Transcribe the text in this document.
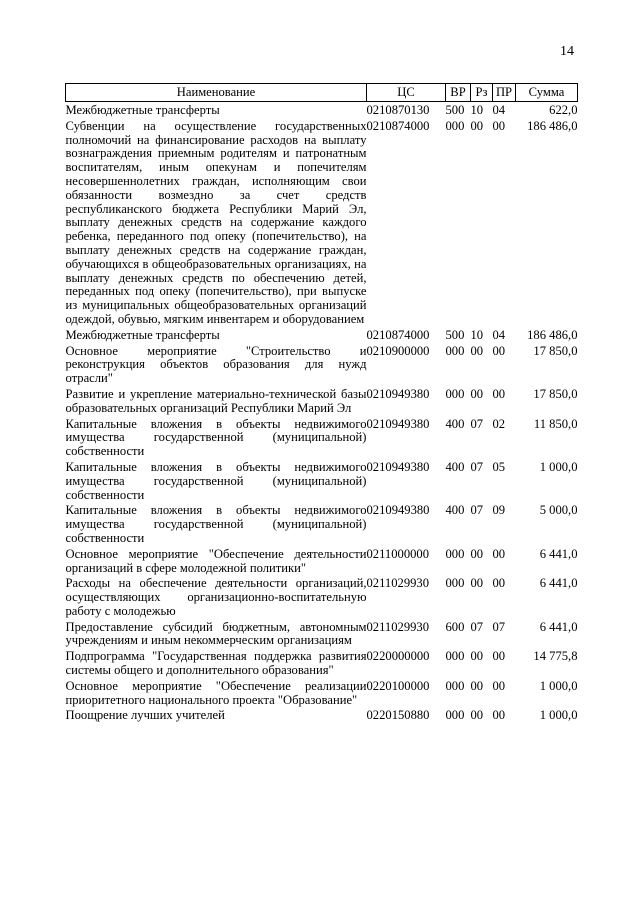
14
Наименование	ЦС	ВР	Рз	ПР	Сумма

Межбюджетные трансферты	0210870130	500	10	04	622,0
Субвенции на осуществление государственных полномочий на финансирование расходов на выплату вознаграждения приемным родителям и патронатным воспитателям, иным опекунам и попечителям несовершеннолетних граждан, исполняющим свои обязанности возмездно за счет средств республиканского бюджета Республики Марий Эл, выплату денежных средств на содержание каждого ребенка, переданного под опеку (попечительство), на выплату денежных средств на содержание граждан, обучающихся в общеобразовательных организациях, на выплату денежных средств по обеспечению детей, переданных под опеку (попечительство), при выпуске из муниципальных общеобразовательных организаций одеждой, обувью, мягким инвентарем и оборудованием	0210874000	000	00	00	186 486,0
Межбюджетные трансферты	0210874000	500	10	04	186 486,0
Основное мероприятие "Строительство и реконструкция объектов образования для нужд отрасли"	0210900000	000	00	00	17 850,0
Развитие и укрепление материально-технической базы образовательных организаций Республики Марий Эл	0210949380	000	00	00	17 850,0
Капитальные вложения в объекты недвижимого имущества государственной (муниципальной) собственности	0210949380	400	07	02	11 850,0
Капитальные вложения в объекты недвижимого имущества государственной (муниципальной) собственности	0210949380	400	07	05	1 000,0
Капитальные вложения в объекты недвижимого имущества государственной (муниципальной) собственности	0210949380	400	07	09	5 000,0
Основное мероприятие "Обеспечение деятельности организаций в сфере молодежной политики"	0211000000	000	00	00	6 441,0
Расходы на обеспечение деятельности организаций, осуществляющих организационно-воспитательную работу с молодежью	0211029930	000	00	00	6 441,0
Предоставление субсидий бюджетным, автономным учреждениям и иным некоммерческим организациям	0211029930	600	07	07	6 441,0
Подпрограмма "Государственная поддержка развития системы общего и дополнительного образования"	0220000000	000	00	00	14 775,8
Основное мероприятие "Обеспечение реализации приоритетного национального проекта "Образование"	0220100000	000	00	00	1 000,0
Поощрение лучших учителей	0220150880	000	00	00	1 000,0
